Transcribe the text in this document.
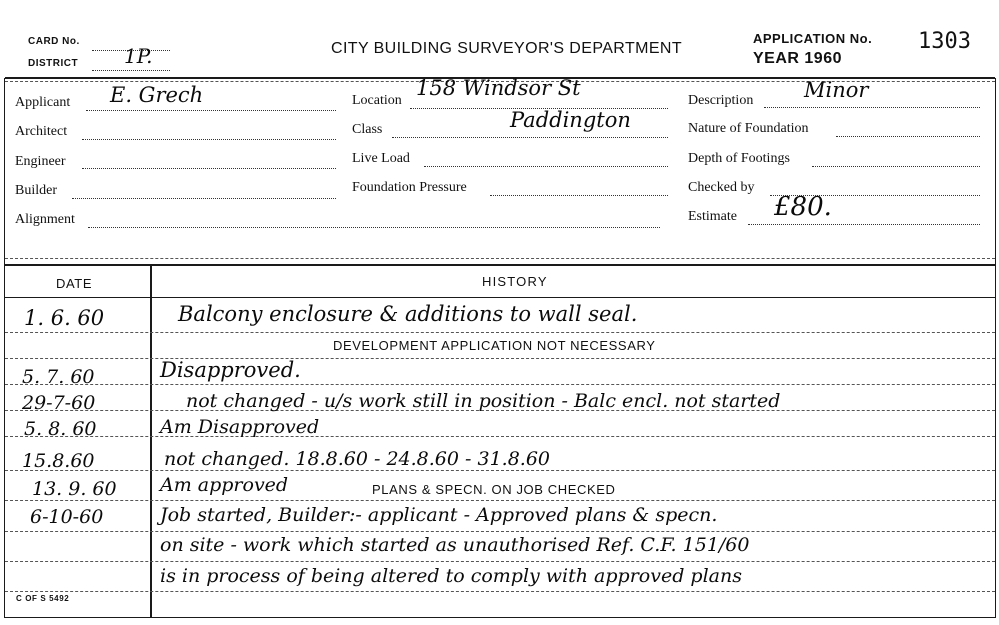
CARD No.
DISTRICT 1P.	CITY BUILDING SURVEYOR'S DEPARTMENT
APPLICATION No.
YEAR 1960
1303
Applicant E. Grech
Architect
Engineer
Builder
Alignment
Location
158 Windsor St
Class	Paddington
Live Load
Foundation Pressure
Description Minor
Nature of Foundation
Depth of Footings
Checked by
Estimate £80.
DATE	HISTORY
1. 6. 60	Balcony enclosure & additions to wall seal.
DEVELOPMENT APPLICATION NOT NECESSARY
5. 7. 60	Disapproved.
29-7-60	not changed - u/s work still in position - Balc encl. not started
5. 8. 60	Am Disapproved
15.8.60	not changed. 18.8.60 - 24.8.60 - 31.8.60
13. 9. 60 Am approved	PLANS & SPECN. ON JOB CHECKED
6-10-60	Job started, Builder:- applicant - Approved plans & specn.
on site - work which started as unauthorised Ref. C.F. 151/60
is in process of being altered to comply with approved plans
C OF S 5492
